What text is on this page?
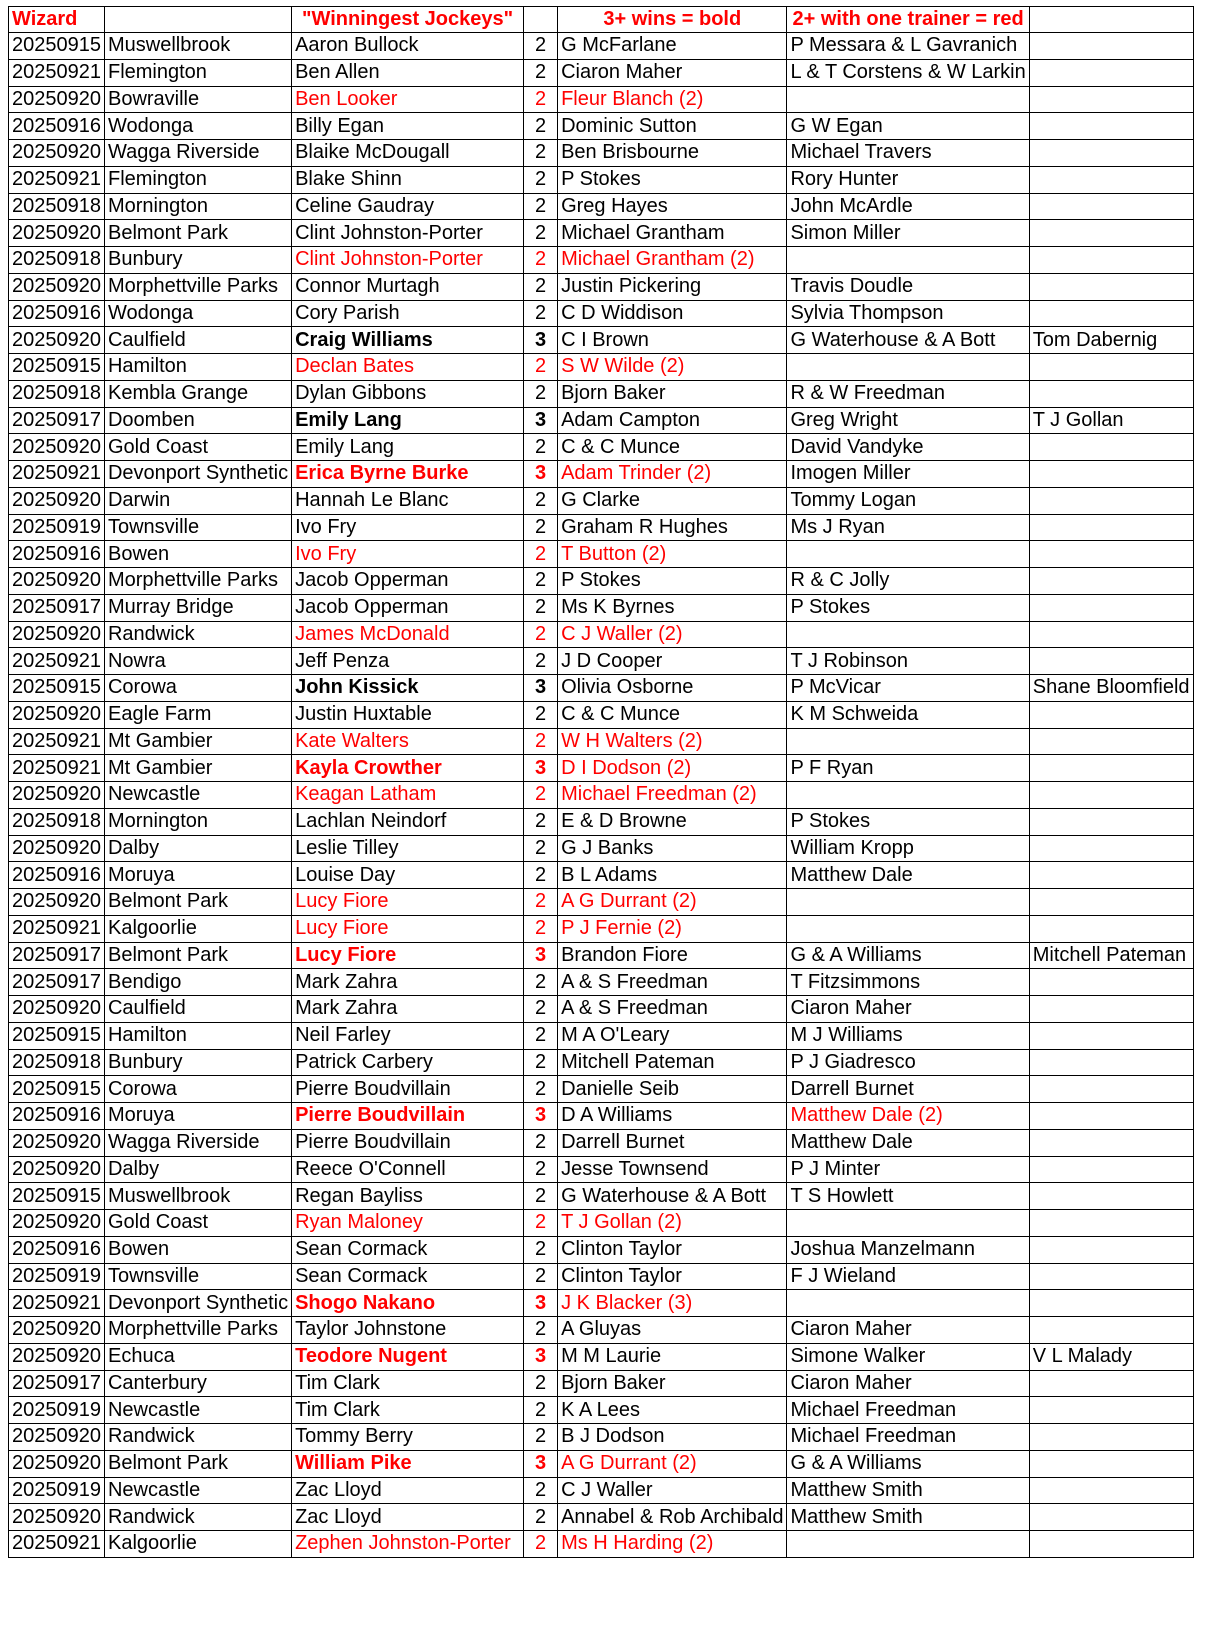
Wizard		"Winningest Jockeys"		3+ wins = bold	2+ with one trainer = red	
20250915	Muswellbrook	Aaron Bullock	2	G McFarlane	P Messara & L Gavranich	
20250921	Flemington	Ben Allen	2	Ciaron Maher	L & T Corstens & W Larkin	
20250920	Bowraville	Ben Looker	2	Fleur Blanch (2)		
20250916	Wodonga	Billy Egan	2	Dominic Sutton	G W Egan	
20250920	Wagga Riverside	Blaike McDougall	2	Ben Brisbourne	Michael Travers	
20250921	Flemington	Blake Shinn	2	P Stokes	Rory Hunter	
20250918	Mornington	Celine Gaudray	2	Greg Hayes	John McArdle	
20250920	Belmont Park	Clint Johnston-Porter	2	Michael Grantham	Simon Miller	
20250918	Bunbury	Clint Johnston-Porter	2	Michael Grantham (2)		
20250920	Morphettville Parks	Connor Murtagh	2	Justin Pickering	Travis Doudle	
20250916	Wodonga	Cory Parish	2	C D Widdison	Sylvia Thompson	
20250920	Caulfield	Craig Williams	3	C I Brown	G Waterhouse & A Bott	Tom Dabernig
20250915	Hamilton	Declan Bates	2	S W Wilde (2)		
20250918	Kembla Grange	Dylan Gibbons	2	Bjorn Baker	R & W Freedman	
20250917	Doomben	Emily Lang	3	Adam Campton	Greg Wright	T J Gollan
20250920	Gold Coast	Emily Lang	2	C & C Munce	David Vandyke	
20250921	Devonport Synthetic	Erica Byrne Burke	3	Adam Trinder (2)	Imogen Miller	
20250920	Darwin	Hannah Le Blanc	2	G Clarke	Tommy Logan	
20250919	Townsville	Ivo Fry	2	Graham R Hughes	Ms J Ryan	
20250916	Bowen	Ivo Fry	2	T Button (2)		
20250920	Morphettville Parks	Jacob Opperman	2	P Stokes	R & C Jolly	
20250917	Murray Bridge	Jacob Opperman	2	Ms K Byrnes	P Stokes	
20250920	Randwick	James McDonald	2	C J Waller (2)		
20250921	Nowra	Jeff Penza	2	J D Cooper	T J Robinson	
20250915	Corowa	John Kissick	3	Olivia Osborne	P McVicar	Shane Bloomfield
20250920	Eagle Farm	Justin Huxtable	2	C & C Munce	K M Schweida	
20250921	Mt Gambier	Kate Walters	2	W H Walters (2)		
20250921	Mt Gambier	Kayla Crowther	3	D I Dodson (2)	P F Ryan	
20250920	Newcastle	Keagan Latham	2	Michael Freedman (2)		
20250918	Mornington	Lachlan Neindorf	2	E & D Browne	P Stokes	
20250920	Dalby	Leslie Tilley	2	G J Banks	William Kropp	
20250916	Moruya	Louise Day	2	B L Adams	Matthew Dale	
20250920	Belmont Park	Lucy Fiore	2	A G Durrant (2)		
20250921	Kalgoorlie	Lucy Fiore	2	P J Fernie (2)		
20250917	Belmont Park	Lucy Fiore	3	Brandon Fiore	G & A Williams	Mitchell Pateman
20250917	Bendigo	Mark Zahra	2	A & S Freedman	T Fitzsimmons	
20250920	Caulfield	Mark Zahra	2	A & S Freedman	Ciaron Maher	
20250915	Hamilton	Neil Farley	2	M A O'Leary	M J Williams	
20250918	Bunbury	Patrick Carbery	2	Mitchell Pateman	P J Giadresco	
20250915	Corowa	Pierre Boudvillain	2	Danielle Seib	Darrell Burnet	
20250916	Moruya	Pierre Boudvillain	3	D A Williams	Matthew Dale (2)	
20250920	Wagga Riverside	Pierre Boudvillain	2	Darrell Burnet	Matthew Dale	
20250920	Dalby	Reece O'Connell	2	Jesse Townsend	P J Minter	
20250915	Muswellbrook	Regan Bayliss	2	G Waterhouse & A Bott	T S Howlett	
20250920	Gold Coast	Ryan Maloney	2	T J Gollan (2)		
20250916	Bowen	Sean Cormack	2	Clinton Taylor	Joshua Manzelmann	
20250919	Townsville	Sean Cormack	2	Clinton Taylor	F J Wieland	
20250921	Devonport Synthetic	Shogo Nakano	3	J K Blacker (3)		
20250920	Morphettville Parks	Taylor Johnstone	2	A Gluyas	Ciaron Maher	
20250920	Echuca	Teodore Nugent	3	M M Laurie	Simone Walker	V L Malady
20250917	Canterbury	Tim Clark	2	Bjorn Baker	Ciaron Maher	
20250919	Newcastle	Tim Clark	2	K A Lees	Michael Freedman	
20250920	Randwick	Tommy Berry	2	B J Dodson	Michael Freedman	
20250920	Belmont Park	William Pike	3	A G Durrant (2)	G & A Williams	
20250919	Newcastle	Zac Lloyd	2	C J Waller	Matthew Smith	
20250920	Randwick	Zac Lloyd	2	Annabel & Rob Archibald	Matthew Smith	
20250921	Kalgoorlie	Zephen Johnston-Porter	2	Ms H Harding (2)		
